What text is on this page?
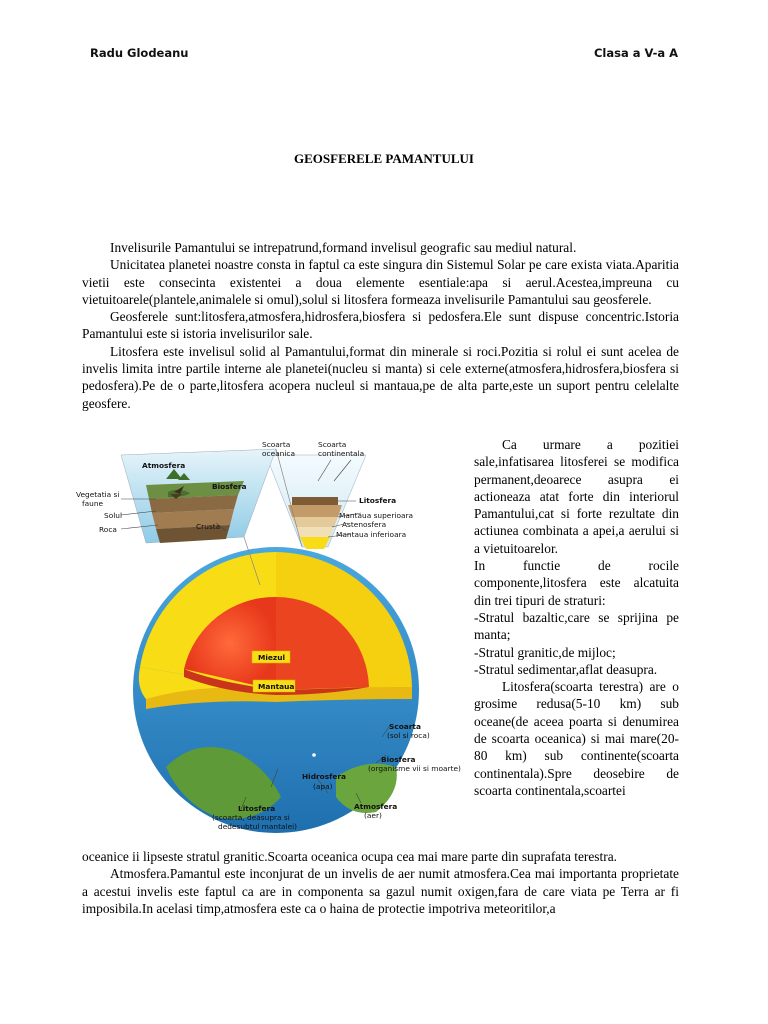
Radu Glodeanu	Clasa a V-a A
GEOSFERELE PAMANTULUI

Invelisurile Pamantului se intrepatrund,formand invelisul geografic sau mediul natural.

Unicitatea planetei noastre consta in faptul ca este singura din Sistemul Solar pe care exista viata.Aparitia vietii este consecinta existentei a doua elemente esentiale:apa si aerul.Acestea,impreuna cu vietuitoarele(plantele,animalele si omul),solul si litosfera formeaza invelisurile Pamantului sau geosferele.

Geosferele sunt:litosfera,atmosfera,hidrosfera,biosfera si pedosfera.Ele sunt dispuse concentric.Istoria Pamantului este si istoria invelisurilor sale.

Litosfera este invelisul solid al Pamantului,format din minerale si roci.Pozitia si rolul ei sunt acelea de invelis limita intre partile interne ale planetei(nucleu si manta) si cele externe(atmosfera,hidrosfera,biosfera si pedosfera).Pe de o parte,litosfera acopera nucleul si mantaua,pe de alta parte,este un suport pentru celelalte geosfere.

Atmosfera
Biosfera
Vegetatia si
faune
Solul
Roca	Crusta
Scoarta
oceanica
Scoarta
continentala
Litosfera
Mantaua superioara
Astenosfera
Mantaua inferioara
Miezul
Mantaua
Scoarta
(sol si roca)
Biosfera
(organisme vii si moarte)
Hidrosfera
(apa)
Atmosfera
(aer)
Litosfera
(scoarta, deasupra si
dedesubtul mantalei)

Ca urmare a pozitiei sale,infatisarea litosferei se modifica permanent,deoarece asupra ei actioneaza atat forte din interiorul Pamantului,cat si forte rezultate din actiunea combinata a apei,a aerului si a vietuitoarelor.

In functie de rocile componente,litosfera este alcatuita din trei tipuri de straturi:

-Stratul bazaltic,care se sprijina pe manta;

-Stratul granitic,de mijloc;

-Stratul sedimentar,aflat deasupra.

Litosfera(scoarta terestra) are o grosime redusa(5-10 km) sub oceane(de aceea poarta si denumirea de scoarta oceanica) si mai mare(20-80 km) sub continente(scoarta continentala).Spre deosebire de scoarta continentala,scoartei

oceanice ii lipseste stratul granitic.Scoarta oceanica ocupa cea mai mare parte din suprafata terestra.

Atmosfera.Pamantul este inconjurat de un invelis de aer numit atmosfera.Cea mai importanta proprietate a acestui invelis este faptul ca are in componenta sa gazul numit oxigen,fara de care viata pe Terra ar fi imposibila.In acelasi timp,atmosfera este ca o haina de protectie impotriva meteoritilor,a
